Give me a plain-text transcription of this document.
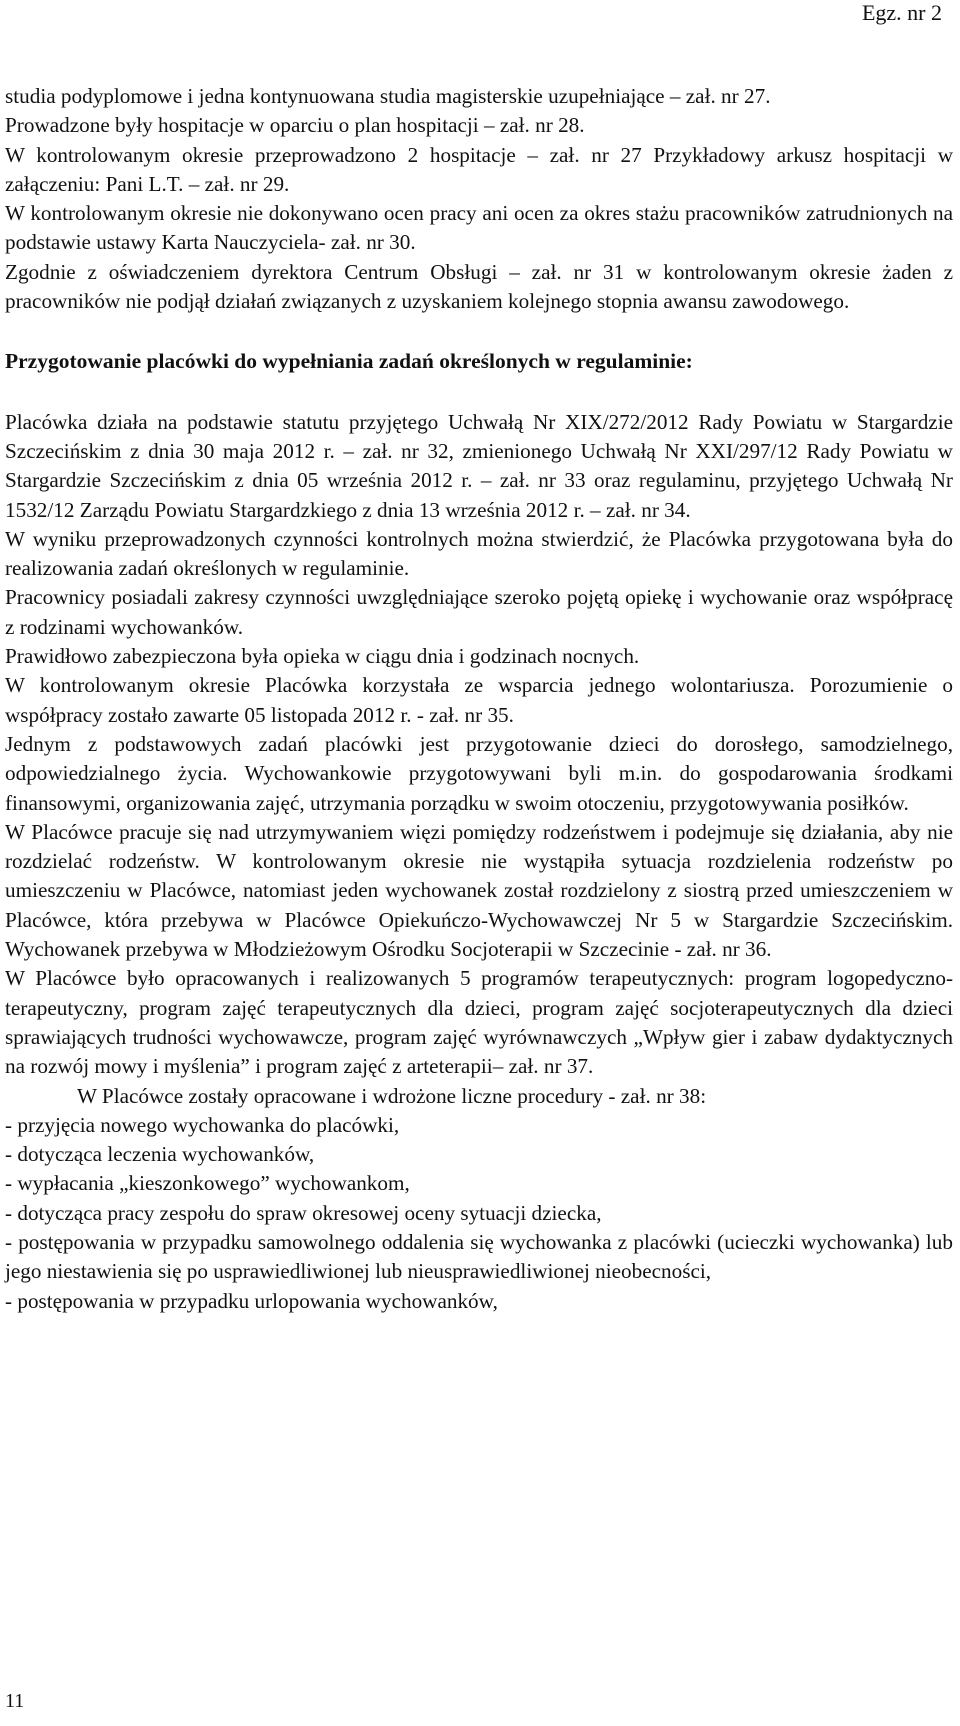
Egz. nr 2

studia podyplomowe i jedna kontynuowana studia magisterskie uzupełniające – zał. nr 27.

Prowadzone były hospitacje w oparciu o plan hospitacji – zał. nr 28.

W kontrolowanym okresie przeprowadzono 2 hospitacje – zał. nr 27 Przykładowy arkusz hospitacji w załączeniu: Pani L.T. – zał. nr 29.

W kontrolowanym okresie nie dokonywano ocen pracy ani ocen za okres stażu pracowników zatrudnionych na podstawie ustawy Karta Nauczyciela- zał. nr 30.

Zgodnie z oświadczeniem dyrektora Centrum Obsługi – zał. nr 31 w kontrolowanym okresie żaden z pracowników nie podjął działań związanych z uzyskaniem kolejnego stopnia awansu zawodowego.

Przygotowanie placówki do wypełniania zadań określonych w regulaminie:

Placówka działa na podstawie statutu przyjętego Uchwałą Nr XIX/272/2012 Rady Powiatu w Stargardzie Szczecińskim z dnia 30 maja 2012 r. – zał. nr 32, zmienionego Uchwałą Nr XXI/297/12 Rady Powiatu w Stargardzie Szczecińskim z dnia 05 września 2012 r. – zał. nr 33 oraz regulaminu, przyjętego Uchwałą Nr 1532/12 Zarządu Powiatu Stargardzkiego z dnia 13 września 2012 r. – zał. nr 34.

W wyniku przeprowadzonych czynności kontrolnych można stwierdzić, że Placówka przygotowana była do realizowania zadań określonych w regulaminie.

Pracownicy posiadali zakresy czynności uwzględniające szeroko pojętą opiekę i wychowanie oraz współpracę z rodzinami wychowanków.

Prawidłowo zabezpieczona była opieka w ciągu dnia i godzinach nocnych.

W kontrolowanym okresie Placówka korzystała ze wsparcia jednego wolontariusza. Porozumienie o współpracy zostało zawarte 05 listopada 2012 r. - zał. nr 35.

Jednym z podstawowych zadań placówki jest przygotowanie dzieci do dorosłego, samodzielnego, odpowiedzialnego życia. Wychowankowie przygotowywani byli m.in. do gospodarowania środkami finansowymi, organizowania zajęć, utrzymania porządku w swoim otoczeniu, przygotowywania posiłków.

W Placówce pracuje się nad utrzymywaniem więzi pomiędzy rodzeństwem i podejmuje się działania, aby nie rozdzielać rodzeństw. W kontrolowanym okresie nie wystąpiła sytuacja rozdzielenia rodzeństw po umieszczeniu w Placówce, natomiast jeden wychowanek został rozdzielony z siostrą przed umieszczeniem w Placówce, która przebywa w Placówce Opiekuńczo-Wychowawczej Nr 5 w Stargardzie Szczecińskim. Wychowanek przebywa w Młodzieżowym Ośrodku Socjoterapii w Szczecinie - zał. nr 36.

W Placówce było opracowanych i realizowanych 5 programów terapeutycznych: program logopedyczno-terapeutyczny, program zajęć terapeutycznych dla dzieci, program zajęć socjoterapeutycznych dla dzieci sprawiających trudności wychowawcze, program zajęć wyrównawczych „Wpływ gier i zabaw dydaktycznych na rozwój mowy i myślenia” i program zajęć z arteterapii– zał. nr 37.

W Placówce zostały opracowane i wdrożone liczne procedury - zał. nr 38:

- przyjęcia nowego wychowanka do placówki,

- dotycząca leczenia wychowanków,

- wypłacania „kieszonkowego” wychowankom,

- dotycząca pracy zespołu do spraw okresowej oceny sytuacji dziecka,

- postępowania w przypadku samowolnego oddalenia się wychowanka z placówki (ucieczki wychowanka) lub jego niestawienia się po usprawiedliwionej lub nieusprawiedliwionej nieobecności,

- postępowania w przypadku urlopowania wychowanków,

11
